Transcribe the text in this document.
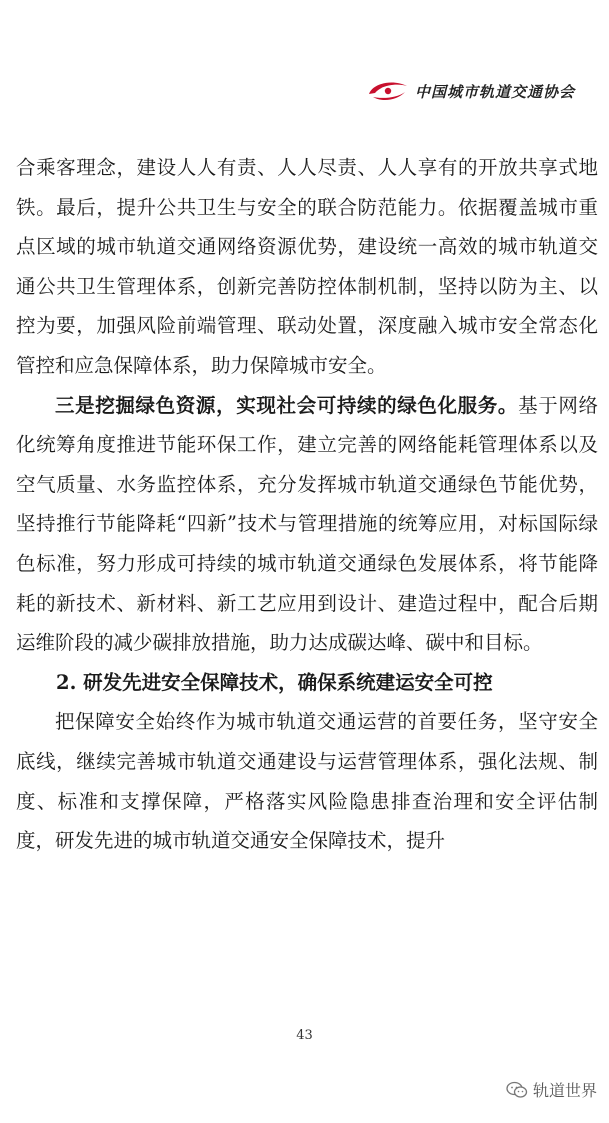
中国城市轨道交通协会

合乘客理念，建设人人有责、人人尽责、人人享有的开放共享式地铁。最后，提升公共卫生与安全的联合防范能力。依据覆盖城市重点区域的城市轨道交通网络资源优势，建设统一高效的城市轨道交通公共卫生管理体系，创新完善防控体制机制，坚持以防为主、以控为要，加强风险前端管理、联动处置，深度融入城市安全常态化管控和应急保障体系，助力保障城市安全。

三是挖掘绿色资源，实现社会可持续的绿色化服务。基于网络化统筹角度推进节能环保工作，建立完善的网络能耗管理体系以及空气质量、水务监控体系，充分发挥城市轨道交通绿色节能优势，坚持推行节能降耗“四新”技术与管理措施的统筹应用，对标国际绿色标准，努力形成可持续的城市轨道交通绿色发展体系，将节能降耗的新技术、新材料、新工艺应用到设计、建造过程中，配合后期运维阶段的减少碳排放措施，助力达成碳达峰、碳中和目标。

2. 研发先进安全保障技术，确保系统建运安全可控

把保障安全始终作为城市轨道交通运营的首要任务，坚守安全底线，继续完善城市轨道交通建设与运营管理体系，强化法规、制度、标准和支撑保障，严格落实风险隐患排查治理和安全评估制度，研发先进的城市轨道交通安全保障技术，提升

43
轨道世界
